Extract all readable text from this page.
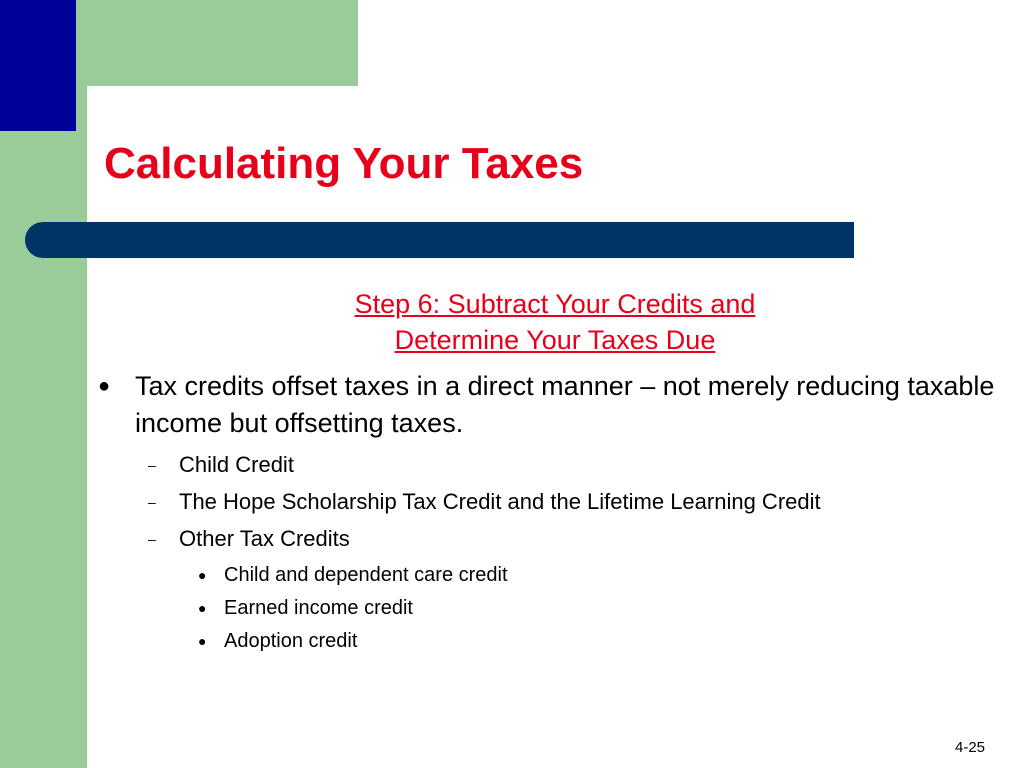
Calculating Your Taxes
Step 6: Subtract Your Credits and
Determine Your Taxes Due
● Tax credits offset taxes in a direct manner – not merely reducing taxable income but offsetting taxes.
– Child Credit
– The Hope Scholarship Tax Credit and the Lifetime Learning Credit
– Other Tax Credits
● Child and dependent care credit
● Earned income credit
● Adoption credit
4-25
